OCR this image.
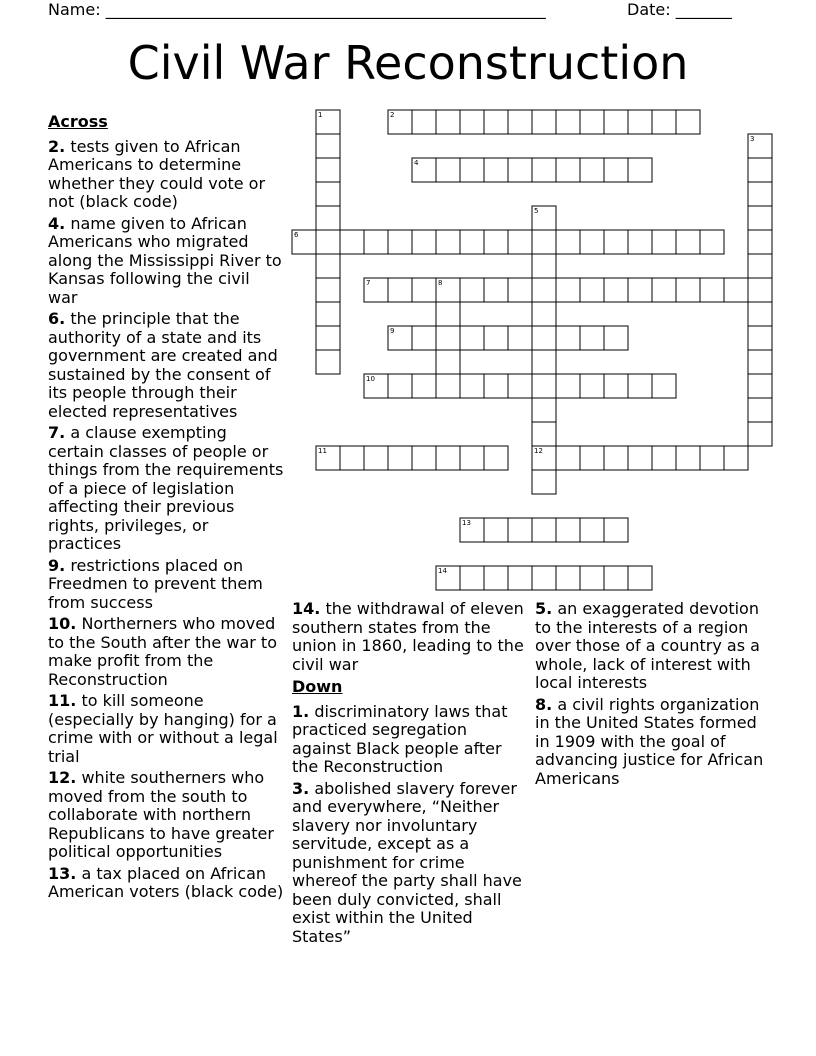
Name: _______________________________________________________	Date: _______
Civil War Reconstruction
1	2
3
4
5
6
7	8
9
10
11	12
13
14
Across
2. tests given to African Americans to determine whether they could vote or not (black code)
4. name given to African Americans who migrated along the Mississippi River to Kansas following the civil war
6. the principle that the authority of a state and its government are created and sustained by the consent of its people through their elected representatives
7. a clause exempting certain classes of people or things from the requirements of a piece of legislation affecting their previous rights, privileges, or practices
9. restrictions placed on Freedmen to prevent them from success
10. Northerners who moved to the South after the war to make profit from the Reconstruction
11. to kill someone (especially by hanging) for a crime with or without a legal trial
12. white southerners who moved from the south to collaborate with northern Republicans to have greater political opportunities
13. a tax placed on African American voters (black code)
14. the withdrawal of eleven southern states from the union in 1860, leading to the civil war
Down
1. discriminatory laws that practiced segregation against Black people after the Reconstruction
3. abolished slavery forever and everywhere, “Neither slavery nor involuntary servitude, except as a punishment for crime whereof the party shall have been duly convicted, shall exist within the United States”
5. an exaggerated devotion to the interests of a region over those of a country as a whole, lack of interest with local interests
8. a civil rights organization in the United States formed in 1909 with the goal of advancing justice for African Americans
